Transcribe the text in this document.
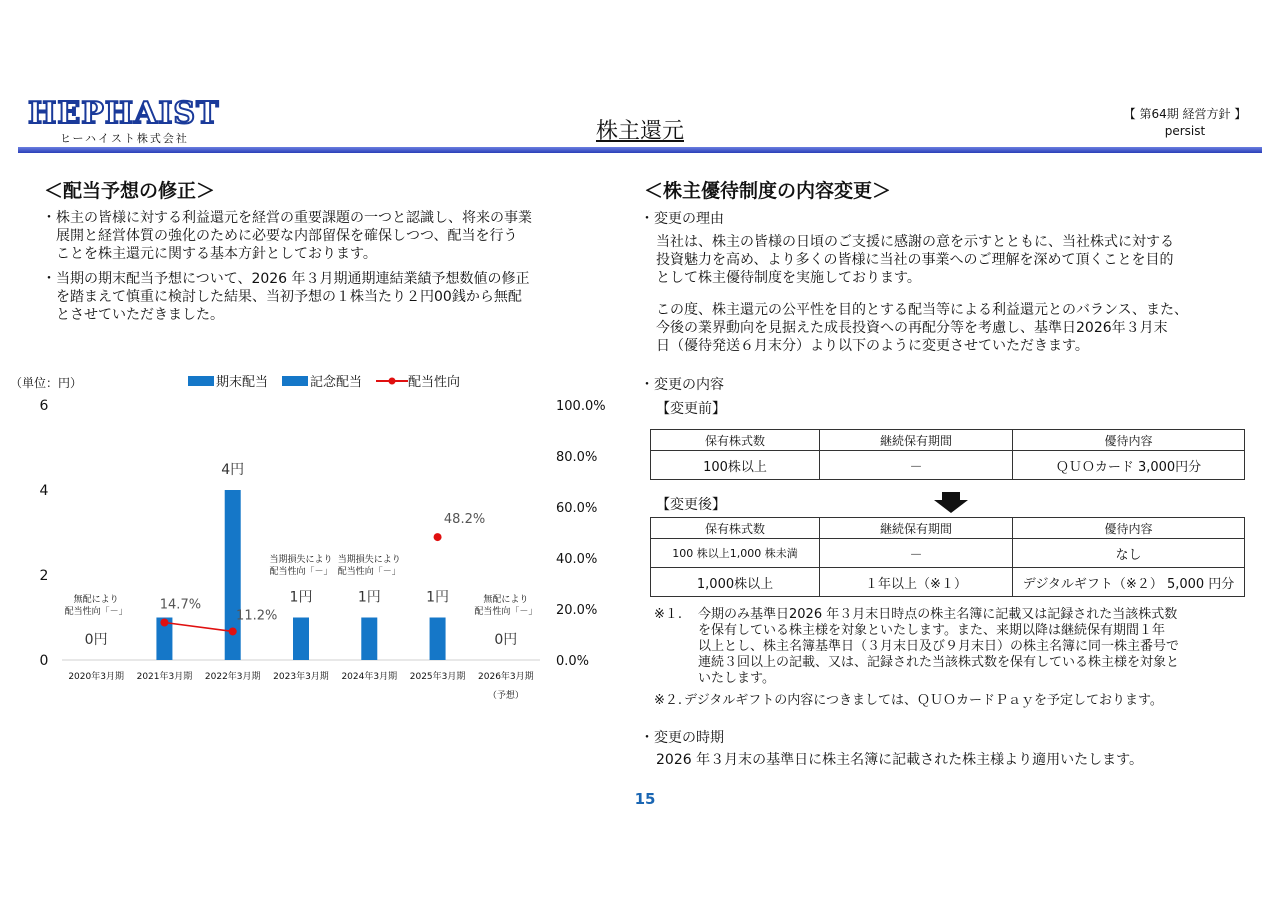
HEPHAIST
ヒーハイスト株式会社	株主還元
【 第64期 経営方針 】
persist
＜配当予想の修正＞
・ 株主の皆様に対する利益還元を経営の重要課題の一つと認識し、将来の事業
展開と経営体質の強化のために必要な内部留保を確保しつつ、配当を行う
ことを株主還元に関する基本方針としております。
・ 当期の期末配当予想について、2026 年３月期通期連結業績予想数値の修正
を踏まえて慎重に検討した結果、当初予想の１株当たり２円00銭から無配
とさせていただきました。
（単位：円）	期末配当	記念配当	配当性向
6
4
2
0
100.0%
80.0%
60.0%
40.0%
20.0%
0.0%
2020年3月期 2021年3月期 2022年3月期 2023年3月期 2024年3月期 2025年3月期 2026年3月期
（予想）
0円
4円
1円	1円	1円
0円
14.7%
11.2%
48.2%
無配により
配当性向「－」
当期損失により
配当性向「－」
当期損失により
配当性向「－」
無配により
配当性向「－」
＜株主優待制度の内容変更＞
・変更の理由
当社は、株主の皆様の日頃のご支援に感謝の意を示すとともに、当社株式に対する
投資魅力を高め、より多くの皆様に当社の事業へのご理解を深めて頂くことを目的
として株主優待制度を実施しております。
この度、株主還元の公平性を目的とする配当等による利益還元とのバランス、また、
今後の業界動向を見据えた成長投資への再配分等を考慮し、基準日2026年３月末
日（優待発送６月末分）より以下のように変更させていただきます。
・変更の内容
【変更前】
保有株式数	継続保有期間	優待内容
100株以上	－	ＱＵＯカード 3,000円分
【変更後】
保有株式数	継続保有期間	優待内容
100 株以上1,000 株未満	－	なし
1,000株以上	１年以上（※１）	デジタルギフト（※２） 5,000 円分
※１.	今期のみ基準日2026 年３月末日時点の株主名簿に記載又は記録された当該株式数
を保有している株主様を対象といたします。また、来期以降は継続保有期間１年
以上とし、株主名簿基準日（３月末日及び９月末日）の株主名簿に同一株主番号で
連続３回以上の記載、又は、記録された当該株式数を保有している株主様を対象と
いたします。
※２. デジタルギフトの内容につきましては、ＱＵＯカードＰａｙを予定しております。
・変更の時期
2026 年３月末の基準日に株主名簿に記載された株主様より適用いたします。
15
